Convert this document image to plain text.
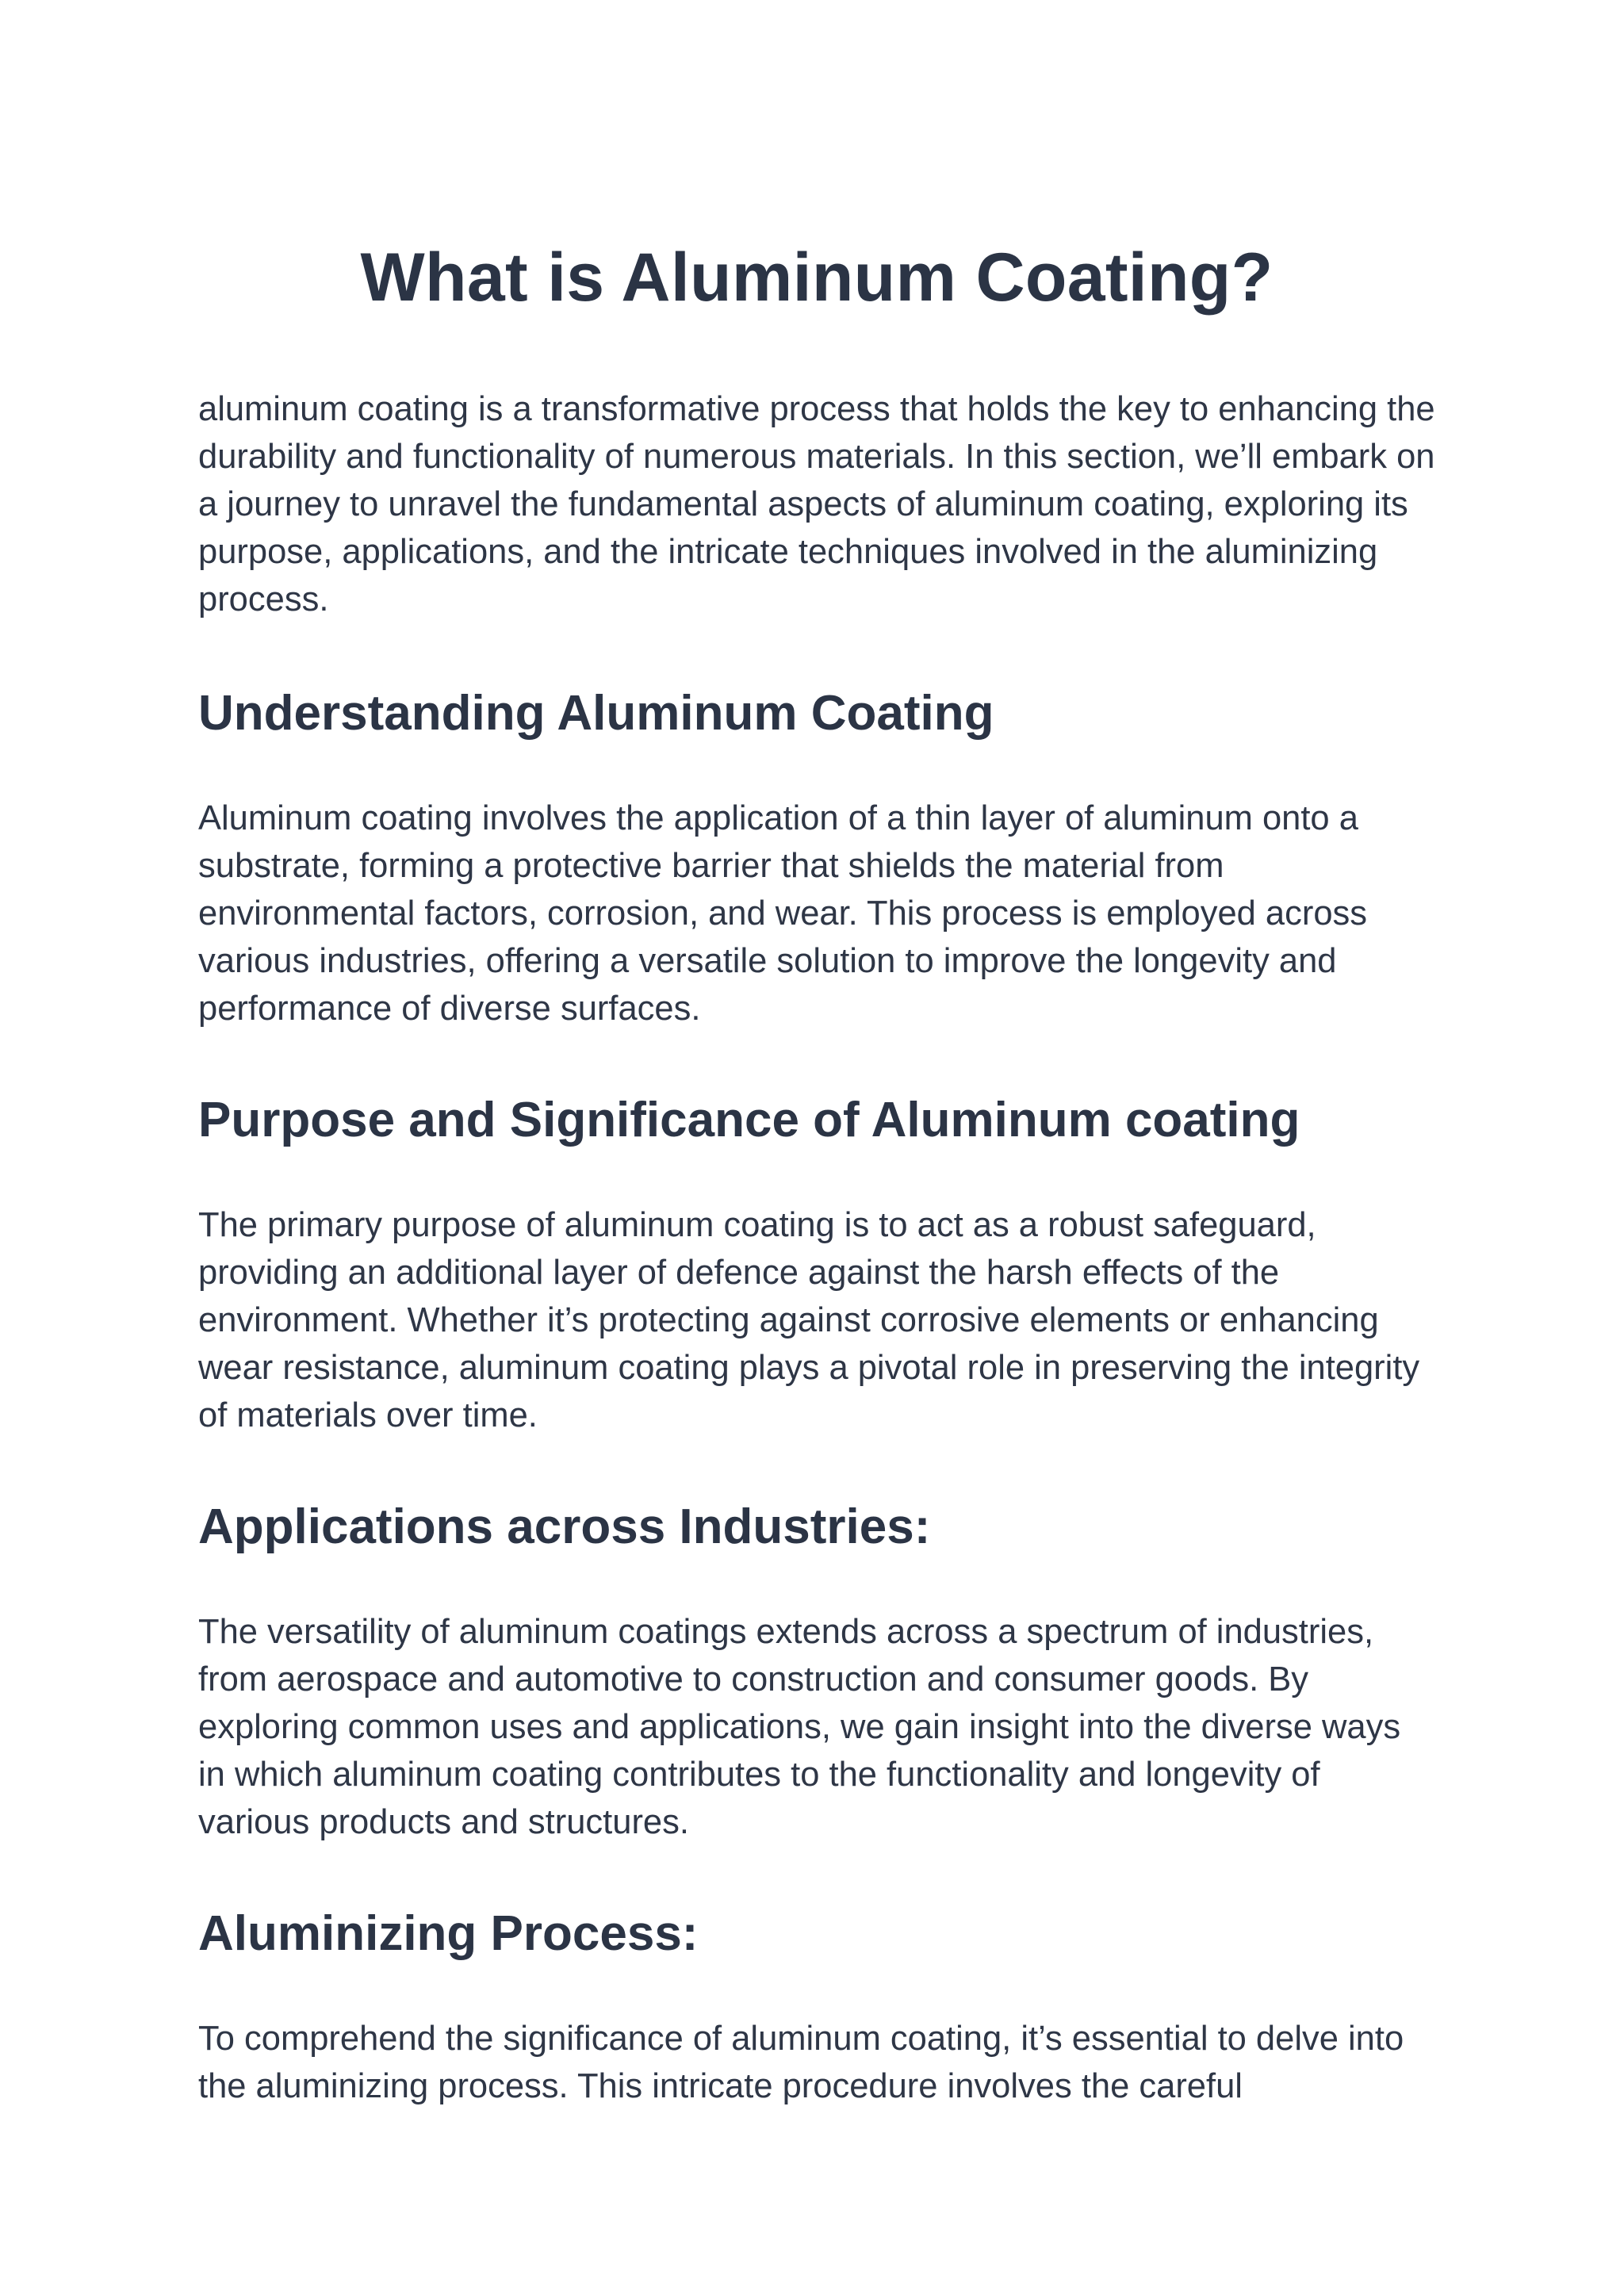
What is Aluminum Coating?

aluminum coating is a transformative process that holds the key to enhancing the durability and functionality of numerous materials. In this section, we’ll embark on a journey to unravel the fundamental aspects of aluminum coating, exploring its purpose, applications, and the intricate techniques involved in the aluminizing process.

Understanding Aluminum Coating

Aluminum coating involves the application of a thin layer of aluminum onto a substrate, forming a protective barrier that shields the material from environmental factors, corrosion, and wear. This process is employed across various industries, offering a versatile solution to improve the longevity and performance of diverse surfaces.

Purpose and Significance of Aluminum coating

The primary purpose of aluminum coating is to act as a robust safeguard, providing an additional layer of defence against the harsh effects of the environment. Whether it’s protecting against corrosive elements or enhancing wear resistance, aluminum coating plays a pivotal role in preserving the integrity of materials over time.

Applications across Industries:

The versatility of aluminum coatings extends across a spectrum of industries, from aerospace and automotive to construction and consumer goods. By exploring common uses and applications, we gain insight into the diverse ways in which aluminum coating contributes to the functionality and longevity of various products and structures.

Aluminizing Process:

To comprehend the significance of aluminum coating, it’s essential to delve into the aluminizing process. This intricate procedure involves the careful
